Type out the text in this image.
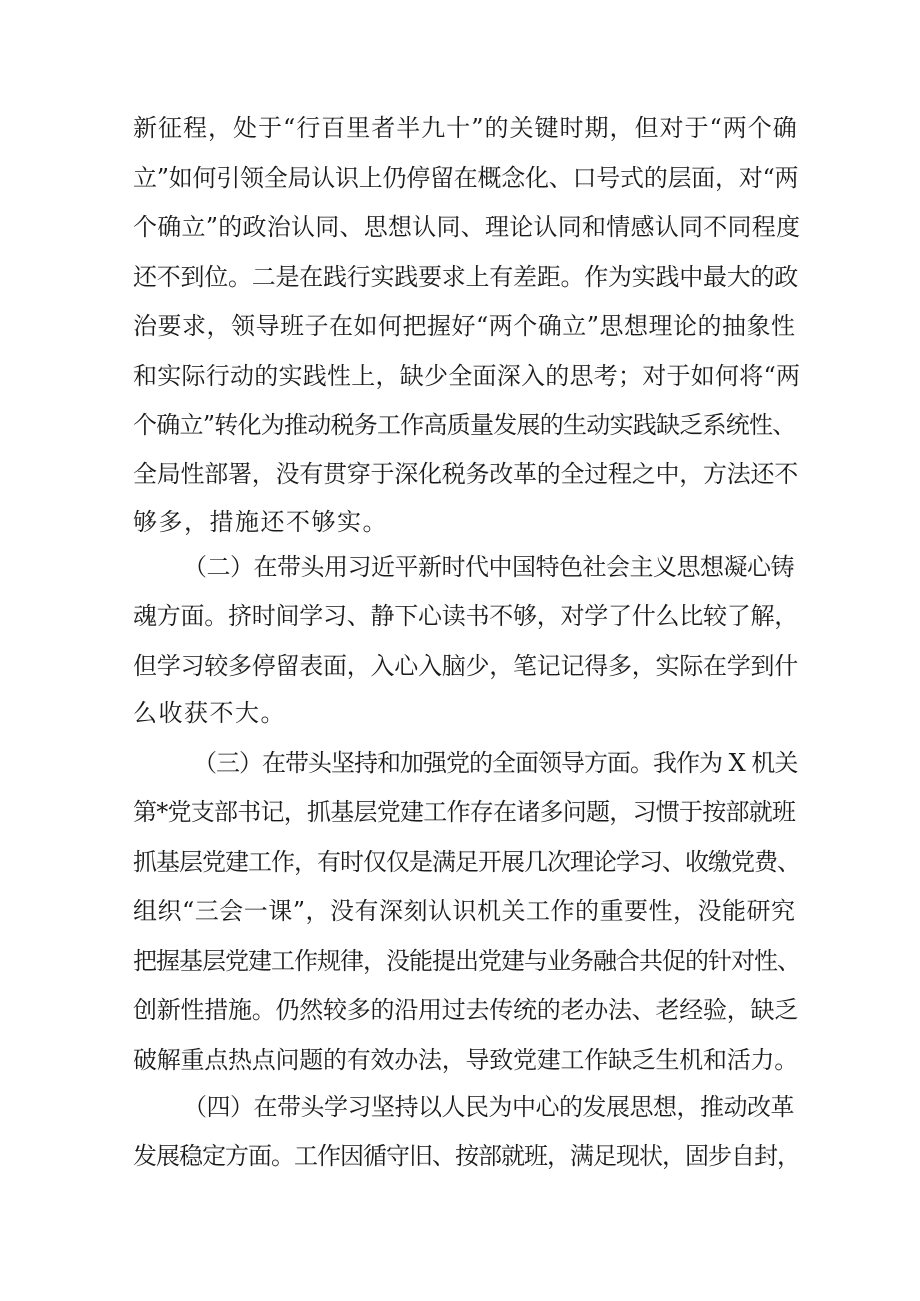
新征程，处于“行百里者半九十”的关键时期，但对于“两个确
立”如何引领全局认识上仍停留在概念化、口号式的层面，对“两
个确立”的政治认同、思想认同、理论认同和情感认同不同程度
还不到位。二是在践行实践要求上有差距。作为实践中最大的政
治要求，领导班子在如何把握好“两个确立”思想理论的抽象性
和实际行动的实践性上，缺少全面深入的思考；对于如何将“两
个确立”转化为推动税务工作高质量发展的生动实践缺乏系统性、
全局性部署，没有贯穿于深化税务改革的全过程之中，方法还不
够多，措施还不够实。
（二）在带头用习近平新时代中国特色社会主义思想凝心铸
魂方面。挤时间学习、静下心读书不够，对学了什么比较了解，
但学习较多停留表面，入心入脑少，笔记记得多，实际在学到什
么收获不大。
（三）在带头坚持和加强党的全面领导方面。我作为 X 机关
第*党支部书记，抓基层党建工作存在诸多问题，习惯于按部就班
抓基层党建工作，有时仅仅是满足开展几次理论学习、收缴党费、
组织“三会一课”，没有深刻认识机关工作的重要性，没能研究
把握基层党建工作规律，没能提出党建与业务融合共促的针对性、
创新性措施。仍然较多的沿用过去传统的老办法、老经验，缺乏
破解重点热点问题的有效办法，导致党建工作缺乏生机和活力。
（四）在带头学习坚持以人民为中心的发展思想，推动改革
发展稳定方面。工作因循守旧、按部就班，满足现状，固步自封，
